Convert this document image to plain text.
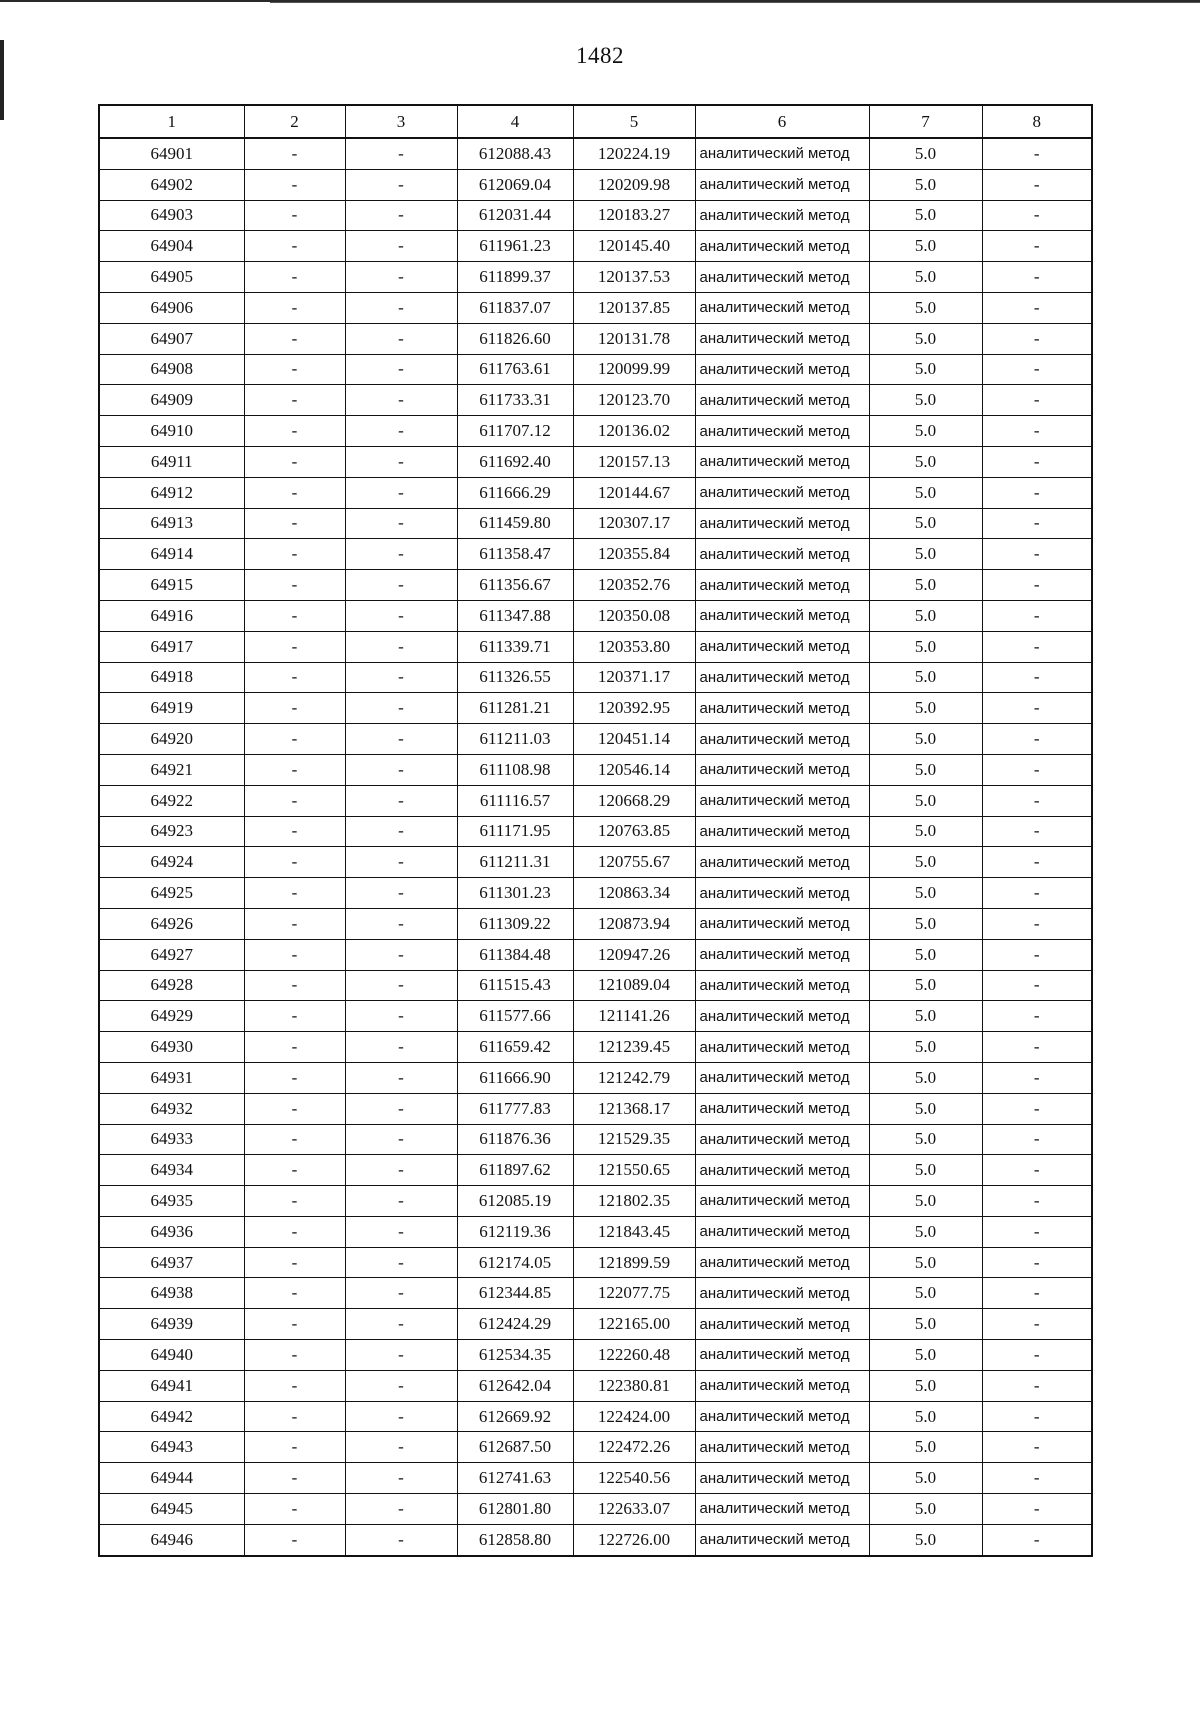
1482
1	2	3	4	5	6	7	8
64901	-	-	612088.43	120224.19	аналитический метод	5.0	-
64902	-	-	612069.04	120209.98	аналитический метод	5.0	-
64903	-	-	612031.44	120183.27	аналитический метод	5.0	-
64904	-	-	611961.23	120145.40	аналитический метод	5.0	-
64905	-	-	611899.37	120137.53	аналитический метод	5.0	-
64906	-	-	611837.07	120137.85	аналитический метод	5.0	-
64907	-	-	611826.60	120131.78	аналитический метод	5.0	-
64908	-	-	611763.61	120099.99	аналитический метод	5.0	-
64909	-	-	611733.31	120123.70	аналитический метод	5.0	-
64910	-	-	611707.12	120136.02	аналитический метод	5.0	-
64911	-	-	611692.40	120157.13	аналитический метод	5.0	-
64912	-	-	611666.29	120144.67	аналитический метод	5.0	-
64913	-	-	611459.80	120307.17	аналитический метод	5.0	-
64914	-	-	611358.47	120355.84	аналитический метод	5.0	-
64915	-	-	611356.67	120352.76	аналитический метод	5.0	-
64916	-	-	611347.88	120350.08	аналитический метод	5.0	-
64917	-	-	611339.71	120353.80	аналитический метод	5.0	-
64918	-	-	611326.55	120371.17	аналитический метод	5.0	-
64919	-	-	611281.21	120392.95	аналитический метод	5.0	-
64920	-	-	611211.03	120451.14	аналитический метод	5.0	-
64921	-	-	611108.98	120546.14	аналитический метод	5.0	-
64922	-	-	611116.57	120668.29	аналитический метод	5.0	-
64923	-	-	611171.95	120763.85	аналитический метод	5.0	-
64924	-	-	611211.31	120755.67	аналитический метод	5.0	-
64925	-	-	611301.23	120863.34	аналитический метод	5.0	-
64926	-	-	611309.22	120873.94	аналитический метод	5.0	-
64927	-	-	611384.48	120947.26	аналитический метод	5.0	-
64928	-	-	611515.43	121089.04	аналитический метод	5.0	-
64929	-	-	611577.66	121141.26	аналитический метод	5.0	-
64930	-	-	611659.42	121239.45	аналитический метод	5.0	-
64931	-	-	611666.90	121242.79	аналитический метод	5.0	-
64932	-	-	611777.83	121368.17	аналитический метод	5.0	-
64933	-	-	611876.36	121529.35	аналитический метод	5.0	-
64934	-	-	611897.62	121550.65	аналитический метод	5.0	-
64935	-	-	612085.19	121802.35	аналитический метод	5.0	-
64936	-	-	612119.36	121843.45	аналитический метод	5.0	-
64937	-	-	612174.05	121899.59	аналитический метод	5.0	-
64938	-	-	612344.85	122077.75	аналитический метод	5.0	-
64939	-	-	612424.29	122165.00	аналитический метод	5.0	-
64940	-	-	612534.35	122260.48	аналитический метод	5.0	-
64941	-	-	612642.04	122380.81	аналитический метод	5.0	-
64942	-	-	612669.92	122424.00	аналитический метод	5.0	-
64943	-	-	612687.50	122472.26	аналитический метод	5.0	-
64944	-	-	612741.63	122540.56	аналитический метод	5.0	-
64945	-	-	612801.80	122633.07	аналитический метод	5.0	-
64946	-	-	612858.80	122726.00	аналитический метод	5.0	-
